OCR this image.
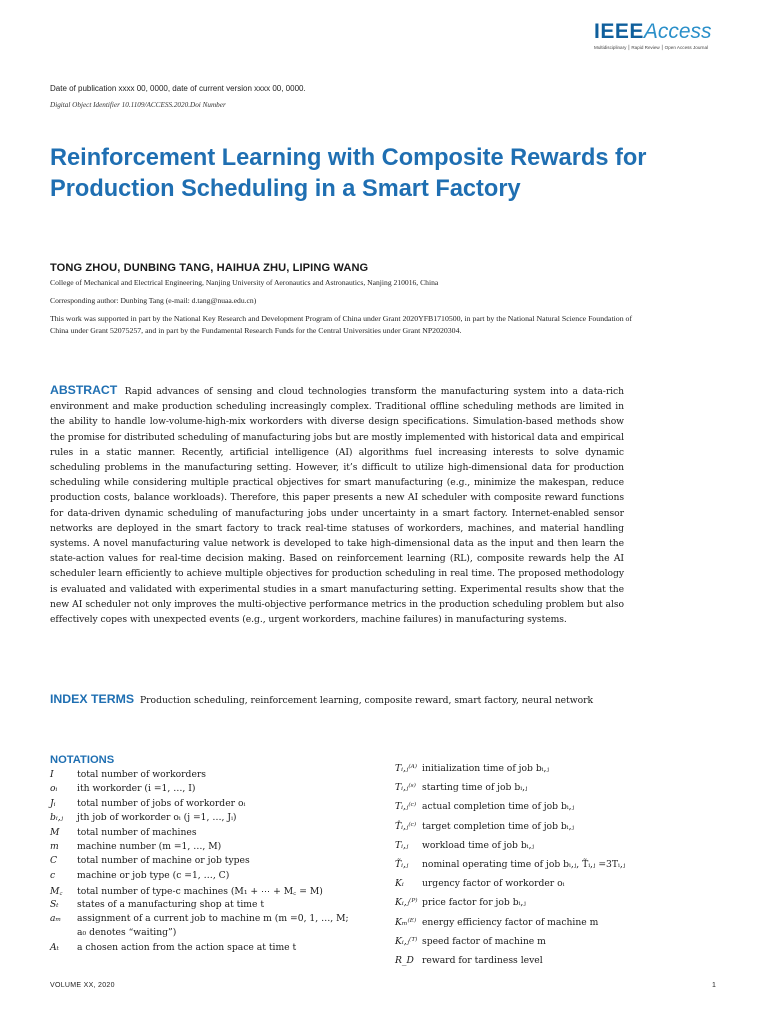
IEEEAccess
Multidisciplinary ⎮ Rapid Review ⎮ Open Access Journal
Date of publication xxxx 00, 0000, date of current version xxxx 00, 0000.
Digital Object Identifier 10.1109/ACCESS.2020.Doi Number
Reinforcement Learning with Composite Rewards for Production Scheduling in a Smart Factory
TONG ZHOU, DUNBING TANG, HAIHUA ZHU, LIPING WANG
College of Mechanical and Electrical Engineering, Nanjing University of Aeronautics and Astronautics, Nanjing 210016, China
Corresponding author: Dunbing Tang (e-mail: d.tang@nuaa.edu.cn)
This work was supported in part by the National Key Research and Development Program of China under Grant 2020YFB1710500, in part by the National Natural Science Foundation of China under Grant 52075257, and in part by the Fundamental Research Funds for the Central Universities under Grant NP2020304.
ABSTRACT Rapid advances of sensing and cloud technologies transform the manufacturing system into a data-rich environment and make production scheduling increasingly complex. Traditional offline scheduling methods are limited in the ability to handle low-volume-high-mix workorders with diverse design specifications. Simulation-based methods show the promise for distributed scheduling of manufacturing jobs but are mostly implemented with historical data and empirical rules in a static manner. Recently, artificial intelligence (AI) algorithms fuel increasing interests to solve dynamic scheduling problems in the manufacturing setting. However, it’s difficult to utilize high-dimensional data for production scheduling while considering multiple practical objectives for smart manufacturing (e.g., minimize the makespan, reduce production costs, balance workloads). Therefore, this paper presents a new AI scheduler with composite reward functions for data-driven dynamic scheduling of manufacturing jobs under uncertainty in a smart factory. Internet-enabled sensor networks are deployed in the smart factory to track real-time statuses of workorders, machines, and material handling systems. A novel manufacturing value network is developed to take high-dimensional data as the input and then learn the state-action values for real-time decision making. Based on reinforcement learning (RL), composite rewards help the AI scheduler learn efficiently to achieve multiple objectives for production scheduling in real time. The proposed methodology is evaluated and validated with experimental studies in a smart manufacturing setting. Experimental results show that the new AI scheduler not only improves the multi-objective performance metrics in the production scheduling problem but also effectively copes with unexpected events (e.g., urgent workorders, machine failures) in manufacturing systems.
INDEX TERMS Production scheduling, reinforcement learning, composite reward, smart factory, neural network
NOTATIONS
I	total number of workorders
oᵢ ith workorder (i =1, …, I)
Jᵢ total number of jobs of workorder oᵢ
bᵢ,ⱼ jth job of workorder oᵢ (j =1, …, Jᵢ)
M total number of machines
m machine number (m =1, …, M)
C total number of machine or job types
c machine or job type (c =1, …, C)
M꜀ total number of type-c machines (M₁ + ⋯ + M꜀ = M)
Sₜ states of a manufacturing shop at time t
aₘ assignment of a current job to machine m (m =0, 1, …, M;
a₀ denotes “waiting”)
Aₜ a chosen action from the action space at time t
Tᵢ,ⱼ⁽ᴬ⁾ initialization time of job bᵢ,ⱼ
Tᵢ,ⱼ⁽ˢ⁾ starting time of job bᵢ,ⱼ
Tᵢ,ⱼ⁽ᶜ⁾ actual completion time of job bᵢ,ⱼ
T̂ᵢ,ⱼ⁽ᶜ⁾ target completion time of job bᵢ,ⱼ
Tᵢ,ⱼ workload time of job bᵢ,ⱼ
T̃ᵢ,ⱼ nominal operating time of job bᵢ,ⱼ, T̃ᵢ,ⱼ =3Tᵢ,ⱼ
Kᵢ urgency factor of workorder oᵢ
Kᵢ,ⱼ⁽ᴾ⁾ price factor for job bᵢ,ⱼ
Kₘ⁽ᴱ⁾ energy efficiency factor of machine m
Kᵢ,ⱼ⁽ᵀ⁾ speed factor of machine m
R_D reward for tardiness level
VOLUME XX, 2020	1
